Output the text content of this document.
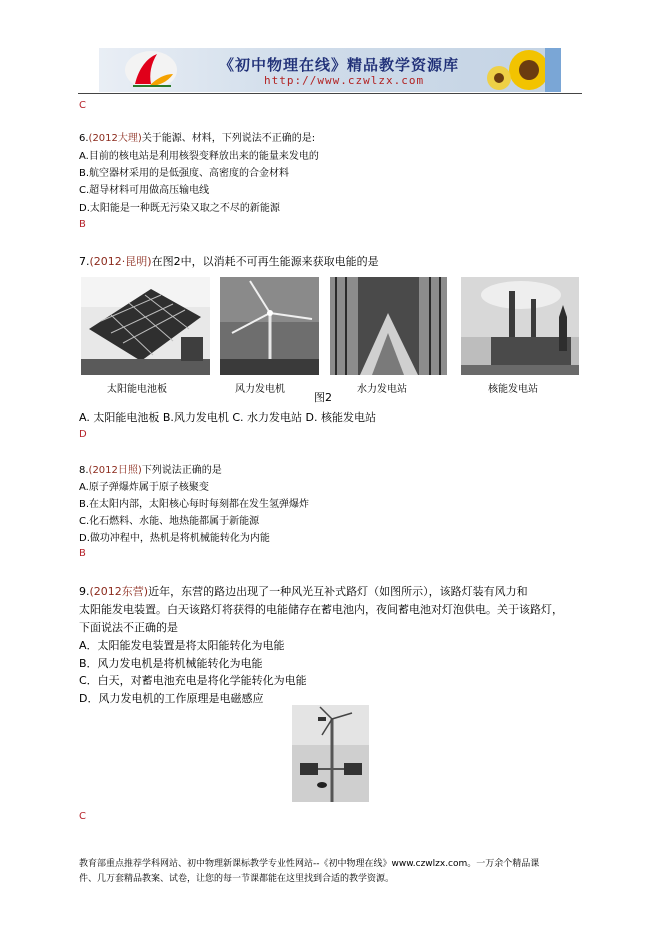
《初中物理在线》精品教学资源库
http://www.czwlzx.com
C
6.(2012大理)关于能源、材料，下列说法不正确的是:
A.目前的核电站是利用核裂变释放出来的能量来发电的
B.航空器材采用的是低强度、高密度的合金材料
C.超导材料可用做高压输电线
D.太阳能是一种既无污染又取之不尽的新能源
B
7.(2012·昆明)在图2中，以消耗不可再生能源来获取电能的是
太阳能电池板	风力发电机	水力发电站	核能发电站
图2
A. 太阳能电池板 B.风力发电机 C. 水力发电站 D. 核能发电站
D
8.(2012日照)下列说法正确的是
A.原子弹爆炸属于原子核聚变
B.在太阳内部，太阳核心每时每刻都在发生氢弹爆炸
C.化石燃料、水能、地热能都属于新能源
D.做功冲程中，热机是将机械能转化为内能
B
9.(2012东营)近年，东营的路边出现了一种风光互补式路灯（如图所示），该路灯装有风力和
太阳能发电装置。白天该路灯将获得的电能储存在蓄电池内，夜间蓄电池对灯泡供电。关于该路灯，
下面说法不正确的是
A．太阳能发电装置是将太阳能转化为电能
B．风力发电机是将机械能转化为电能
C．白天，对蓄电池充电是将化学能转化为电能
D．风力发电机的工作原理是电磁感应
C
教育部重点推荐学科网站、初中物理新课标教学专业性网站--《初中物理在线》www.czwlzx.com。一万余个精品课
件、几万套精品教案、试卷，让您的每一节课都能在这里找到合适的教学资源。
